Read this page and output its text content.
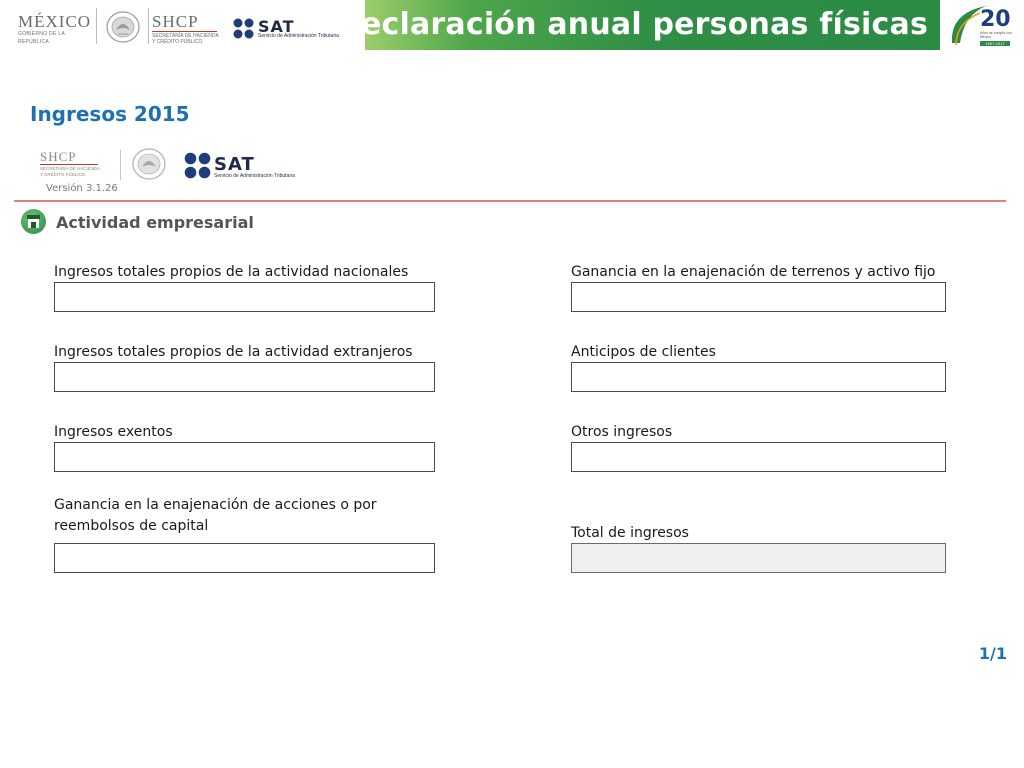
MÉXICO
GOBIERNO DE LA REPÚBLICA
SHCP
SECRETARÍA DE HACIENDA
Y CRÉDITO PÚBLICO
SAT
Servicio de Administración Tributaria
Declaración anual personas físicas 20
Años de cumplir con México
1997-2017
Ingresos 2015
SHCP
SECRETARÍA DE HACIENDA
Y CRÉDITO PÚBLICO	SAT
Servicio de Administración Tributaria
Versión 3.1.26
Actividad empresarial
Ingresos totales propios de la actividad nacionales
Ingresos totales propios de la actividad extranjeros
Ingresos exentos
Ganancia en la enajenación de acciones o por
reembolsos de capital
Ganancia en la enajenación de terrenos y activo fijo
Anticipos de clientes
Otros ingresos
Total de ingresos
1/1
